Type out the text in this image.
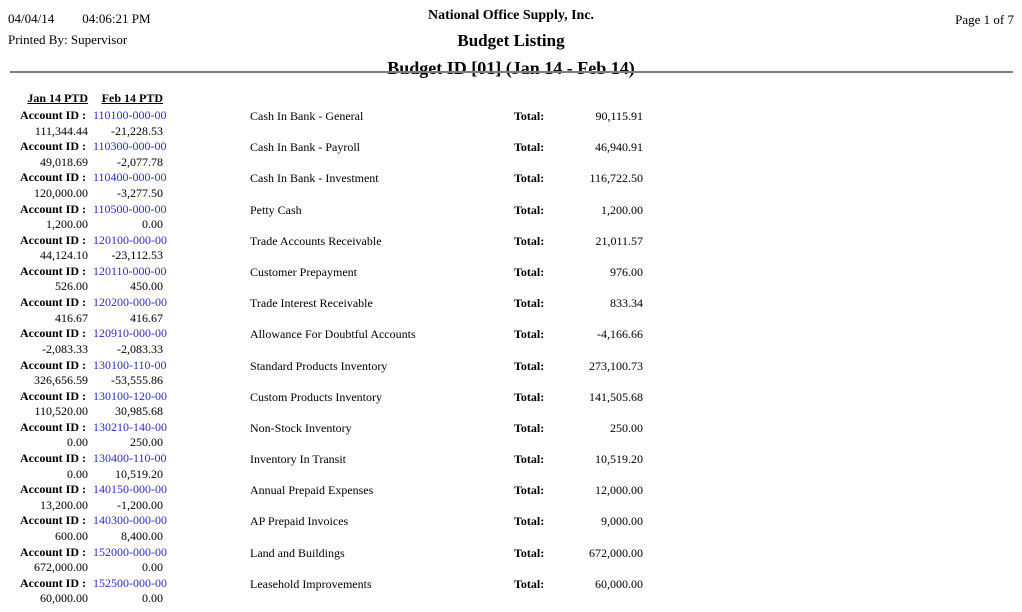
04/04/14 04:06:21 PM
Printed By: Supervisor
National Office Supply, Inc.
Budget Listing
Budget ID [01] (Jan 14 - Feb 14)
Page 1 of 7
Jan 14 PTD	Feb 14 PTD
Account ID : 110100-000-00
111,344.44	-21,228.53
Cash In Bank - General	Total:	90,115.91
Account ID : 110300-000-00
49,018.69	-2,077.78
Cash In Bank - Payroll	Total:	46,940.91
Account ID : 110400-000-00
120,000.00	-3,277.50
Cash In Bank - Investment	Total:	116,722.50
Account ID : 110500-000-00
1,200.00	0.00
Petty Cash	Total:	1,200.00
Account ID : 120100-000-00
44,124.10	-23,112.53
Trade Accounts Receivable	Total:	21,011.57
Account ID : 120110-000-00
526.00	450.00
Customer Prepayment	Total:	976.00
Account ID : 120200-000-00
416.67	416.67
Trade Interest Receivable	Total:	833.34
Account ID : 120910-000-00
-2,083.33	-2,083.33
Allowance For Doubtful Accounts	Total:	-4,166.66
Account ID : 130100-110-00
326,656.59	-53,555.86
Standard Products Inventory	Total:	273,100.73
Account ID : 130100-120-00
110,520.00	30,985.68
Custom Products Inventory	Total:	141,505.68
Account ID : 130210-140-00
0.00	250.00
Non-Stock Inventory	Total:	250.00
Account ID : 130400-110-00
0.00	10,519.20
Inventory In Transit	Total:	10,519.20
Account ID : 140150-000-00
13,200.00	-1,200.00
Annual Prepaid Expenses	Total:	12,000.00
Account ID : 140300-000-00
600.00	8,400.00
AP Prepaid Invoices	Total:	9,000.00
Account ID : 152000-000-00
672,000.00	0.00
Land and Buildings	Total:	672,000.00
Account ID : 152500-000-00
60,000.00	0.00
Leasehold Improvements	Total:	60,000.00
